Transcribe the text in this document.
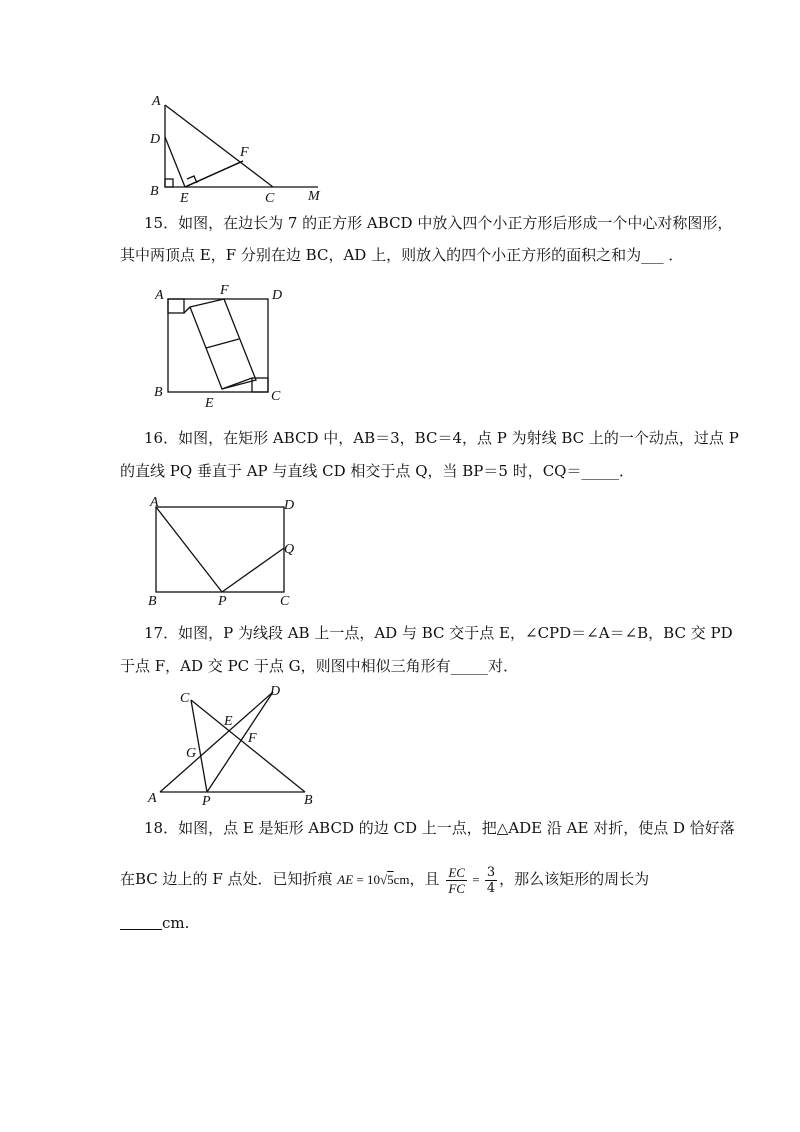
A
D
F
B E	C M
15．如图，在边长为 7 的正方形 ABCD 中放入四个小正方形后形成一个中心对称图形，
其中两顶点 E，F 分别在边 BC，AD 上，则放入的四个小正方形的面积之和为___ ．
A	F	D
B
E	C
16．如图，在矩形 ABCD 中，AB＝3，BC＝4，点 P 为射线 BC 上的一个动点，过点 P
的直线 PQ 垂直于 AP 与直线 CD 相交于点 Q，当 BP＝5 时，CQ＝_____．
A	D
Q
B	P	C
17．如图，P 为线段 AB 上一点，AD 与 BC 交于点 E，∠CPD＝∠A＝∠B，BC 交 PD
于点 F，AD 交 PC 于点 G，则图中相似三角形有_____对．
C	D
E
G
F
A	P	B
18．如图，点 E 是矩形 ABCD 的边 CD 上一点，把△ADE 沿 AE 对折，使点 D 恰好落
在BC 边上的 F 点处．已知折痕 AE = 10√5cm，且 $\frac{EC}{FC} = \frac{3}{4}$ ，那么该矩形的周长为
cm.
